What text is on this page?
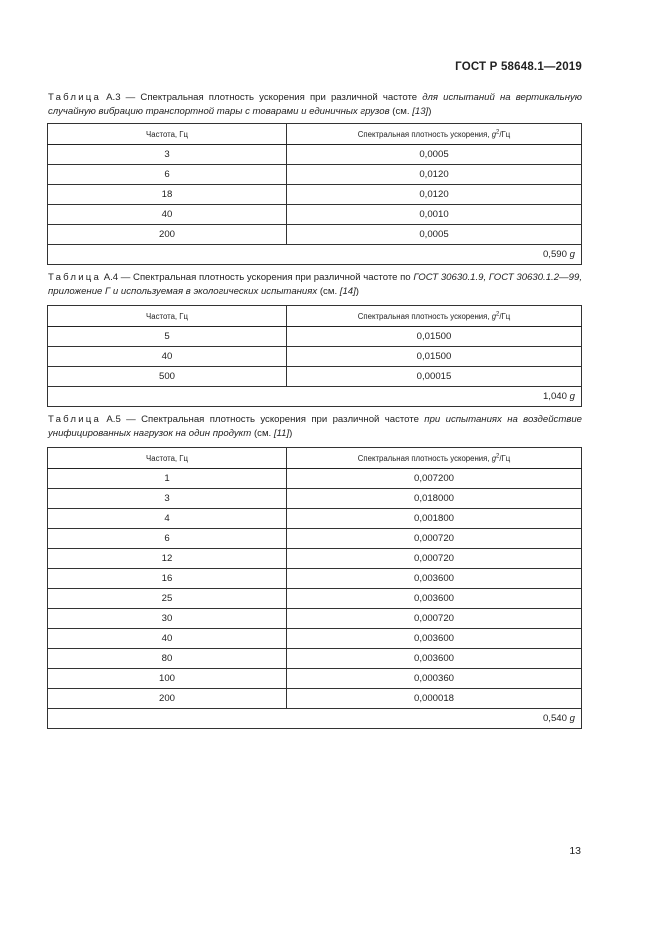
ГОСТ Р 58648.1—2019
Таблица А.3 — Спектральная плотность ускорения при различной частоте для испытаний на вертикальную случайную вибрацию транспортной тары с товарами и единичных грузов (см. [13])
Частота, Гц	Спектральная плотность ускорения, $g^2/Гц$
3	0,0005
6	0,0120
18	0,0120
40	0,0010
200	0,0005
0,590 g	
Таблица А.4 — Спектральная плотность ускорения при различной частоте по ГОСТ 30630.1.9, ГОСТ 30630.1.2—99, приложение Г и используемая в экологических испытаниях (см. [14])
Частота, Гц	Спектральная плотность ускорения, $g^2/Гц$
5	0,01500
40	0,01500
500	0,00015
1,040 g	
Таблица А.5 — Спектральная плотность ускорения при различной частоте при испытаниях на воздействие унифицированных нагрузок на один продукт (см. [11])
Частота, Гц	Спектральная плотность ускорения, $g^2/Гц$
1	0,007200
3	0,018000
4	0,001800
6	0,000720
12	0,000720
16	0,003600
25	0,003600
30	0,000720
40	0,003600
80	0,003600
100	0,000360
200	0,000018
0,540 g	
13
